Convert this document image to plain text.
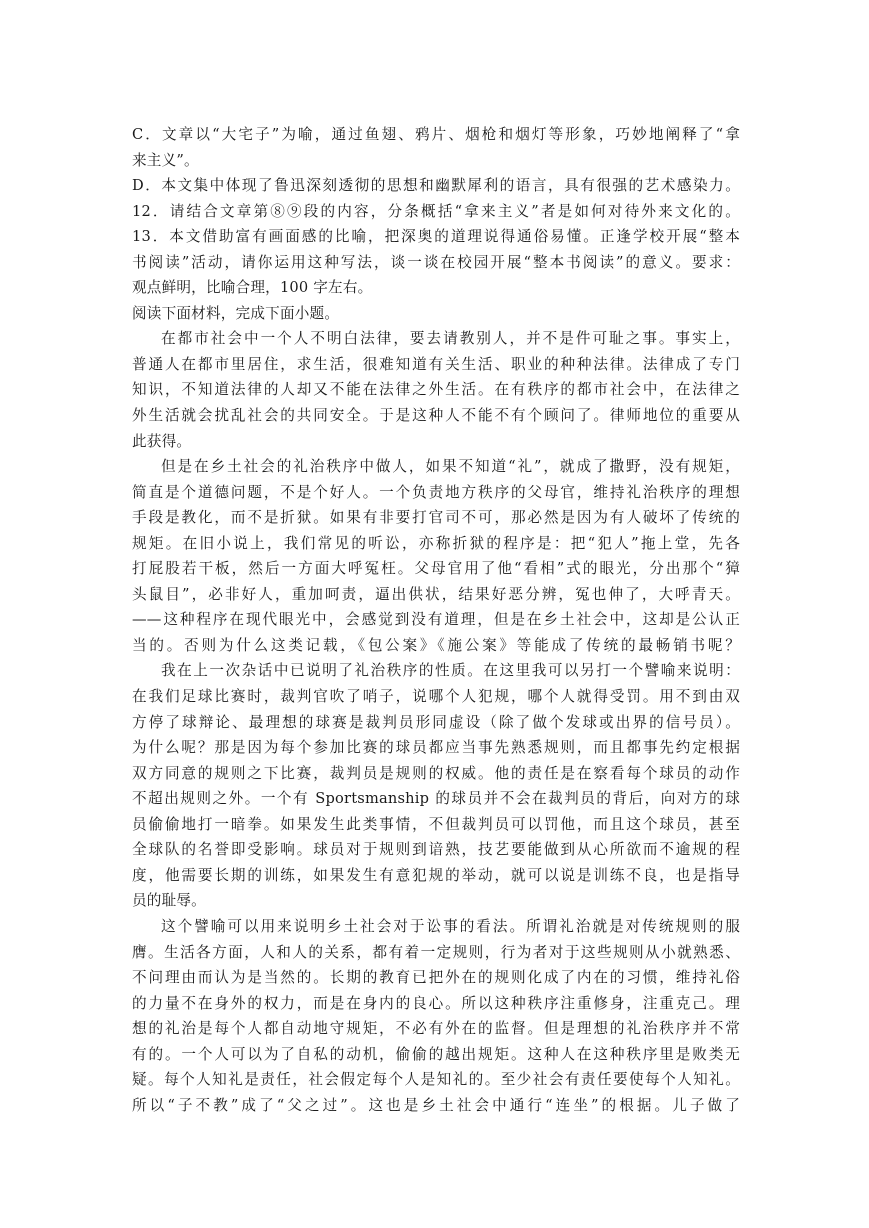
C．文章以“大宅子”为喻，通过鱼翅、鸦片、烟枪和烟灯等形象，巧妙地阐释了“拿

来主义”。

D．本文集中体现了鲁迅深刻透彻的思想和幽默犀利的语言，具有很强的艺术感染力。

12．请结合文章第⑧⑨段的内容，分条概括“拿来主义”者是如何对待外来文化的。

13．本文借助富有画面感的比喻，把深奥的道理说得通俗易懂。正逢学校开展“整本

书阅读”活动，请你运用这种写法，谈一谈在校园开展“整本书阅读”的意义。要求：

观点鲜明，比喻合理，100 字左右。

阅读下面材料，完成下面小题。

在都市社会中一个人不明白法律，要去请教别人，并不是件可耻之事。事实上，

普通人在都市里居住，求生活，很难知道有关生活、职业的种种法律。法律成了专门

知识，不知道法律的人却又不能在法律之外生活。在有秩序的都市社会中，在法律之

外生活就会扰乱社会的共同安全。于是这种人不能不有个顾问了。律师地位的重要从

此获得。

但是在乡土社会的礼治秩序中做人，如果不知道“礼”，就成了撒野，没有规矩，

简直是个道德问题，不是个好人。一个负责地方秩序的父母官，维持礼治秩序的理想

手段是教化，而不是折狱。如果有非要打官司不可，那必然是因为有人破坏了传统的

规矩。在旧小说上，我们常见的听讼，亦称折狱的程序是：把“犯人”拖上堂，先各

打屁股若干板，然后一方面大呼冤枉。父母官用了他“看相”式的眼光，分出那个“獐

头鼠目”，必非好人，重加呵责，逼出供状，结果好恶分辨，冤也伸了，大呼青天。

——这种程序在现代眼光中，会感觉到没有道理，但是在乡土社会中，这却是公认正

当的。否则为什么这类记载，《包公案》《施公案》等能成了传统的最畅销书呢？

我在上一次杂话中已说明了礼治秩序的性质。在这里我可以另打一个譬喻来说明：

在我们足球比赛时，裁判官吹了哨子，说哪个人犯规，哪个人就得受罚。用不到由双

方停了球辩论、最理想的球赛是裁判员形同虚设（除了做个发球或出界的信号员）。

为什么呢？那是因为每个参加比赛的球员都应当事先熟悉规则，而且都事先约定根据

双方同意的规则之下比赛，裁判员是规则的权威。他的责任是在察看每个球员的动作

不超出规则之外。一个有 Sportsmanship 的球员并不会在裁判员的背后，向对方的球

员偷偷地打一暗拳。如果发生此类事情，不但裁判员可以罚他，而且这个球员，甚至

全球队的名誉即受影响。球员对于规则到谙熟，技艺要能做到从心所欲而不逾规的程

度，他需要长期的训练，如果发生有意犯规的举动，就可以说是训练不良，也是指导

员的耻辱。

这个譬喻可以用来说明乡土社会对于讼事的看法。所谓礼治就是对传统规则的服

膺。生活各方面，人和人的关系，都有着一定规则，行为者对于这些规则从小就熟悉、

不问理由而认为是当然的。长期的教育已把外在的规则化成了内在的习惯，维持礼俗

的力量不在身外的权力，而是在身内的良心。所以这种秩序注重修身，注重克己。理

想的礼治是每个人都自动地守规矩，不必有外在的监督。但是理想的礼治秩序并不常

有的。一个人可以为了自私的动机，偷偷的越出规矩。这种人在这种秩序里是败类无

疑。每个人知礼是责任，社会假定每个人是知礼的。至少社会有责任要使每个人知礼。

所以“子不教”成了“父之过”。这也是乡土社会中通行“连坐”的根据。儿子做了
